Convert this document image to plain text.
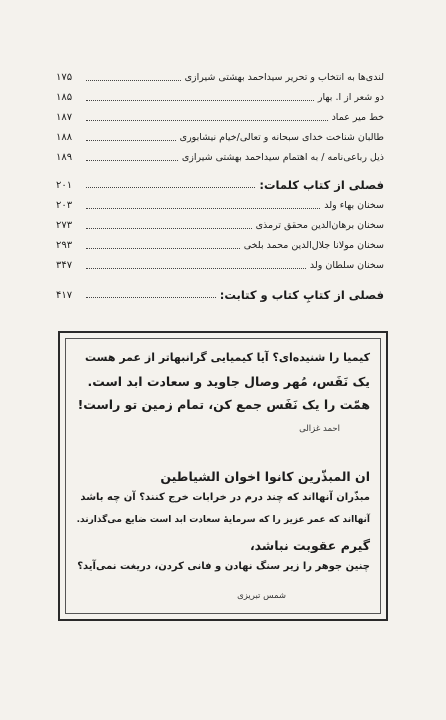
۱۷۵	لندی‌ها به انتخاب و تحریر سیداحمد بهشتی شیرازی
۱۸۵	دو شعر از ا. بهار
۱۸۷	خط میر عماد
۱۸۸	طالبان شناخت خدای سبحانه و تعالی/خیام نیشابوری
۱۸۹	ذیل رباعی‌نامه / به اهتمام سیداحمد بهشتی شیرازی
۲۰۱	فصلی از کتاب کلمات:
۲۰۳	سخنان بهاء ولد
۲۷۳	سخنان برهان‌الدین محقق ترمذی
۲۹۳	سخنان مولانا جلال‌الدین محمد بلخی
۳۴۷	سخنان سلطان ولد
۴۱۷	فصلی از کتابِ کتاب و کتابت:
کیمیا را شنیده‌ای؟ آیا کیمیایی گرانبهاتر از عمر هست
یک نَفَس، مُهر وصال جاوید و سعادت ابد است.
همّت را یک نَفَس جمع کن، تمام زمین تو راست!
احمد غزالی
ان المبذّرین کانوا اخوان الشیاطین
مبذّران آنهااند که چند درم در خرابات خرج کنند؟ آن چه باشد
آنهااند که عمر عزیز را که سرمایهٔ سعادت ابد است ضایع می‌گذارند.
گیرم عقوبت نباشد،
چنین جوهر را زیر سنگ نهادن و فانی کردن، دریغت نمی‌آید؟
شمس تبریزی
